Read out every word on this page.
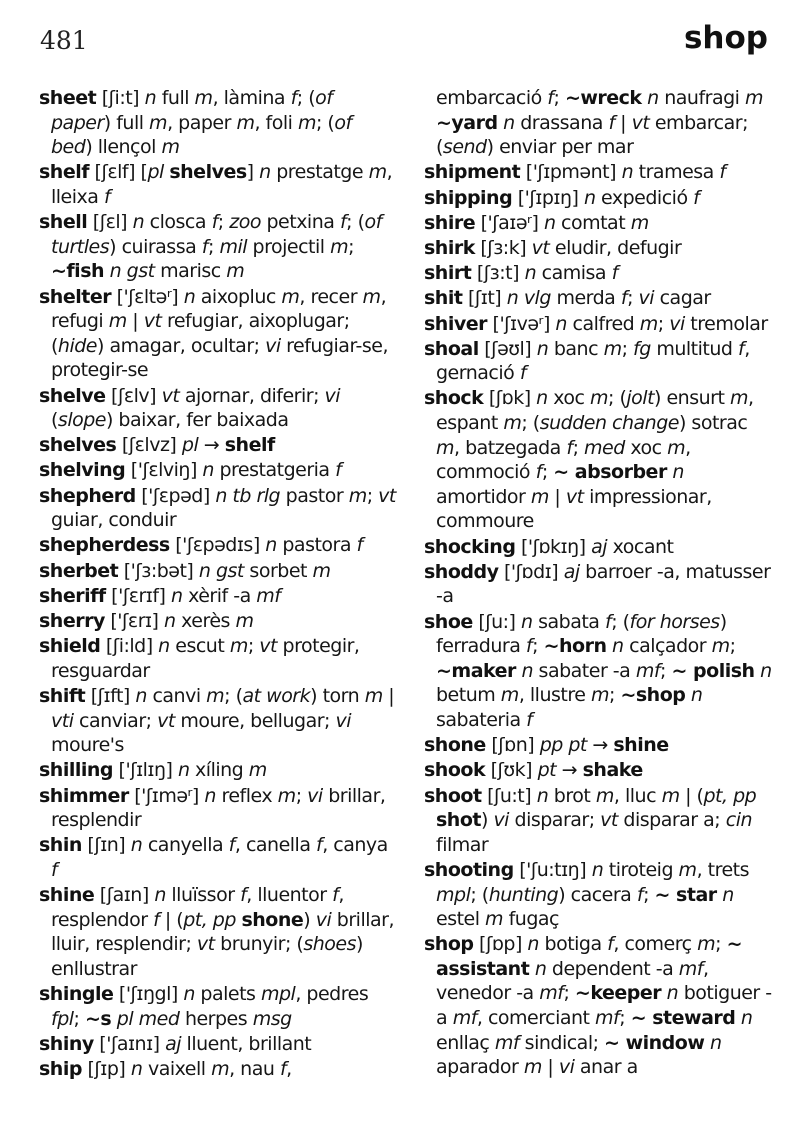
481	shop
sheet [ʃi:t] n full m, làmina f; (of paper) full m, paper m, foli m; (of bed) llençol m
shelf [ʃɛlf] [pl shelves] n prestatge m, lleixa f
shell [ʃɛl] n closca f; zoo petxina f; (of turtles) cuirassa f; mil projectil m; ~fish n gst marisc m
shelter ['ʃɛltəʳ] n aixopluc m, recer m, refugi m | vt refugiar, aixoplugar; (hide) amagar, ocultar; vi refugiar-se, protegir-se
shelve [ʃɛlv] vt ajornar, diferir; vi (slope) baixar, fer baixada
shelves [ʃɛlvz] pl → shelf
shelving ['ʃɛlviŋ] n prestatgeria f
shepherd ['ʃɛpəd] n tb rlg pastor m; vt guiar, conduir
shepherdess ['ʃɛpədɪs] n pastora f
sherbet ['ʃɜ:bət] n gst sorbet m
sheriff ['ʃɛrɪf] n xèrif -a mf
sherry ['ʃɛrɪ] n xerès m
shield [ʃi:ld] n escut m; vt protegir, resguardar
shift [ʃɪft] n canvi m; (at work) torn m | vti canviar; vt moure, bellugar; vi moure's
shilling ['ʃɪlɪŋ] n xíling m
shimmer ['ʃɪməʳ] n reflex m; vi brillar, resplendir
shin [ʃɪn] n canyella f, canella f, canya f
shine [ʃaɪn] n lluïssor f, lluentor f, resplendor f | (pt, pp shone) vi brillar, lluir, resplendir; vt brunyir; (shoes) enllustrar
shingle ['ʃɪŋgl] n palets mpl, pedres fpl; ~s pl med herpes msg
shiny ['ʃaɪnɪ] aj lluent, brillant
ship [ʃɪp] n vaixell m, nau f,
embarcació f; ~wreck n naufragi m ~yard n drassana f | vt embarcar; (send) enviar per mar
shipment ['ʃɪpmənt] n tramesa f
shipping ['ʃɪpɪŋ] n expedició f
shire ['ʃaɪəʳ] n comtat m
shirk [ʃɜ:k] vt eludir, defugir
shirt [ʃɜ:t] n camisa f
shit [ʃɪt] n vlg merda f; vi cagar
shiver ['ʃɪvəʳ] n calfred m; vi tremolar
shoal [ʃəʊl] n banc m; fg multitud f, gernació f
shock [ʃɒk] n xoc m; (jolt) ensurt m, espant m; (sudden change) sotrac m, batzegada f; med xoc m, commoció f; ~ absorber n amortidor m | vt impressionar, commoure
shocking ['ʃɒkɪŋ] aj xocant
shoddy ['ʃɒdɪ] aj barroer -a, matusser -a
shoe [ʃu:] n sabata f; (for horses) ferradura f; ~horn n calçador m; ~maker n sabater -a mf; ~ polish n betum m, llustre m; ~shop n sabateria f
shone [ʃɒn] pp pt → shine
shook [ʃʊk] pt → shake
shoot [ʃu:t] n brot m, lluc m | (pt, pp shot) vi disparar; vt disparar a; cin filmar
shooting ['ʃu:tɪŋ] n tiroteig m, trets mpl; (hunting) cacera f; ~ star n estel m fugaç
shop [ʃɒp] n botiga f, comerç m; ~ assistant n dependent -a mf, venedor -a mf; ~keeper n botiguer -a mf, comerciant mf; ~ steward n enllaç mf sindical; ~ window n aparador m | vi anar a
